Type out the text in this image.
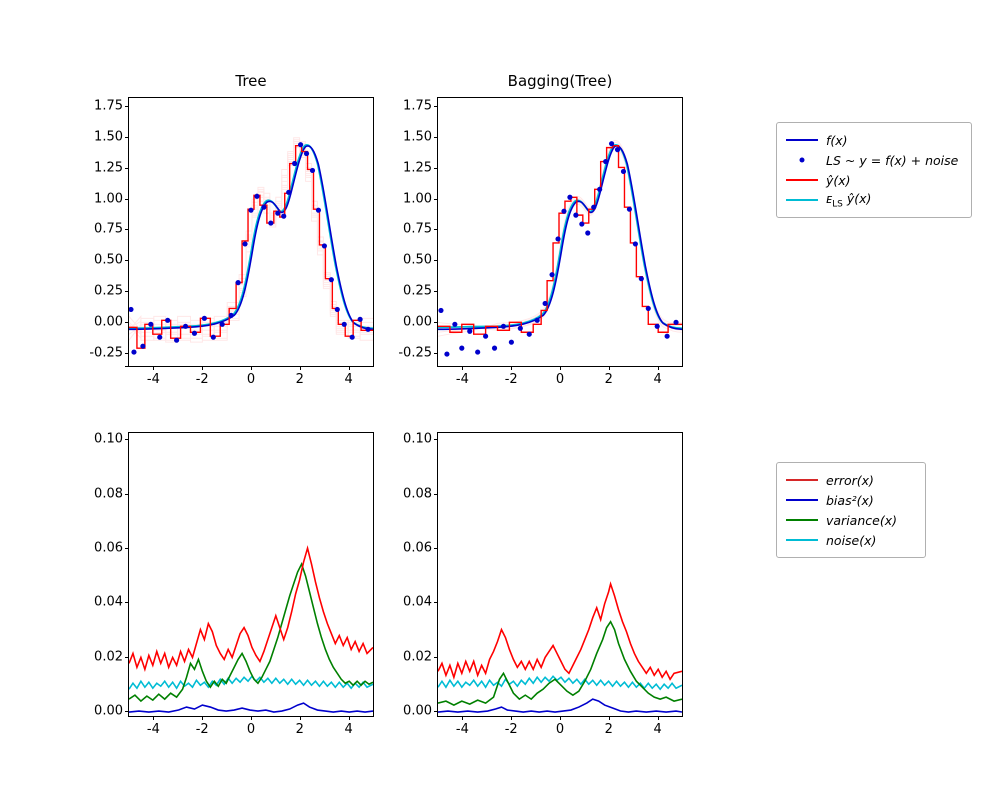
Tree
-0.25
0.00
0.25
0.50
0.75
1.00
1.25
1.50
1.75
-4	-2	0	2	4
Bagging(Tree)
-0.25
0.00
0.25
0.50
0.75
1.00
1.25
1.50
1.75
-4	-2	0	2	4
f(x)
LS ~ y = f(x) + noise
ŷ(x)
ᴇ$_{LS}$ ŷ(x)
0.00
0.02
0.04
0.06
0.08
0.10
-4	-2	0	2	4
0.00
0.02
0.04
0.06
0.08
0.10
-4	-2	0	2	4
error(x)
bias²(x)
variance(x)
noise(x)
